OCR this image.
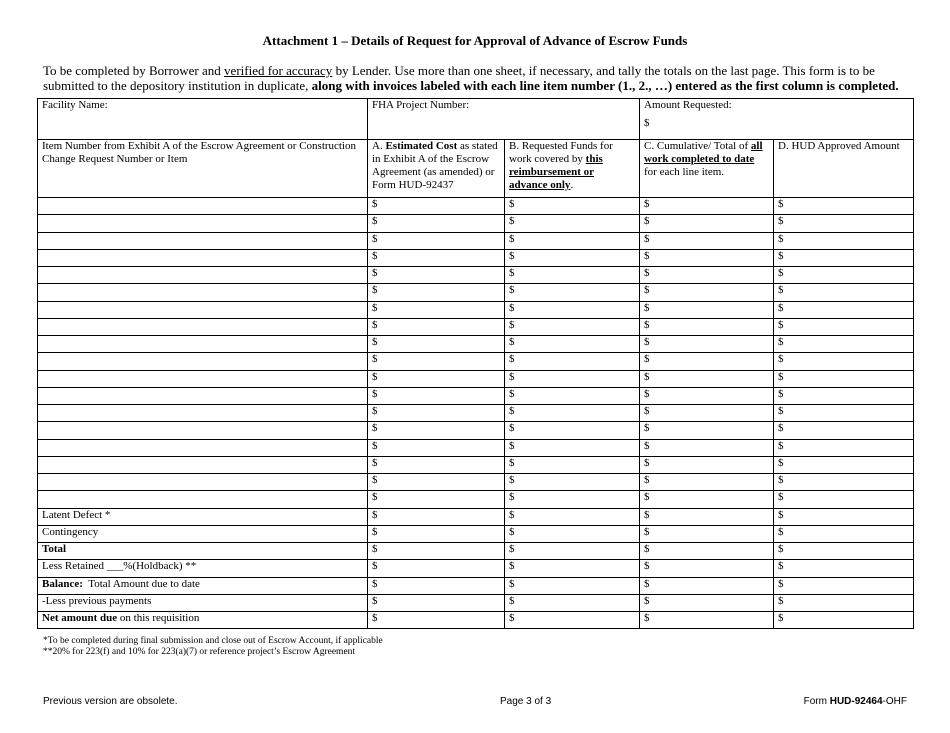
Attachment 1 – Details of Request for Approval of Advance of Escrow Funds
To be completed by Borrower and verified for accuracy by Lender. Use more than one sheet, if necessary, and tally the totals on the last page. This form is to be submitted to the depository institution in duplicate, along with invoices labeled with each line item number (1., 2., …) entered as the first column is completed.
Facility Name:	FHA Project Number:		Amount Requested:
$	

Item Number from Exhibit A of the Escrow Agreement or Construction Change Request Number or Item	A. Estimated Cost as stated in Exhibit A of the Escrow Agreement (as amended) or Form HUD-92437	B. Requested Funds for work covered by this reimbursement or advance only.	C. Cumulative/ Total of all work completed to date for each line item.	D. HUD Approved Amount
	$	$	$	$
	$	$	$	$
	$	$	$	$
	$	$	$	$
	$	$	$	$
	$	$	$	$
	$	$	$	$
	$	$	$	$
	$	$	$	$
	$	$	$	$
	$	$	$	$
	$	$	$	$
	$	$	$	$
	$	$	$	$
	$	$	$	$
	$	$	$	$
	$	$	$	$
	$	$	$	$
Latent Defect *	$	$	$	$
Contingency	$	$	$	$
Total	$	$	$	$
Less Retained ___%(Holdback) **	$	$	$	$
Balance:  Total Amount due to date	$	$	$	$
-Less previous payments	$	$	$	$
Net amount due on this requisition	$	$	$	$
*To be completed during final submission and close out of Escrow Account, if applicable
**20% for 223(f) and 10% for 223(a)(7) or reference project’s Escrow Agreement
Previous version are obsolete.	Page 3 of 3	Form HUD-92464-OHF
